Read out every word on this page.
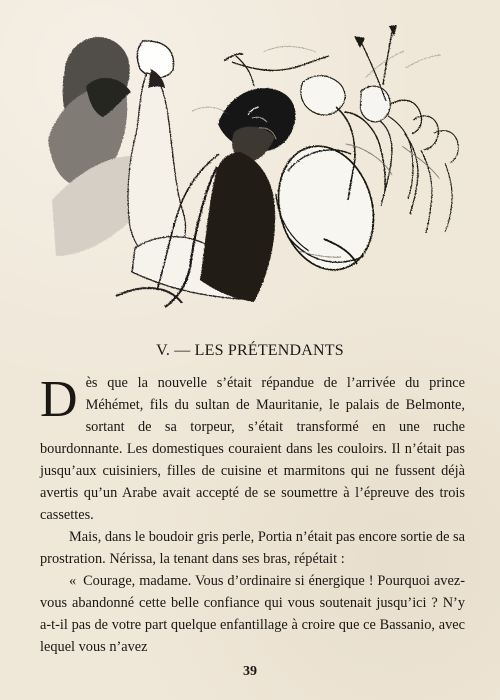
V. — LES PRÉTENDANTS

D ès que la nouvelle s’était répandue de l’arrivée du prince Méhémet, fils du sultan de Mauritanie, le palais de Belmonte, sortant de sa torpeur, s’était transformé en une ruche bourdonnante. Les domestiques couraient dans les couloirs. Il n’était pas jusqu’aux cuisiniers, filles de cuisine et marmitons qui ne fussent déjà avertis qu’un Arabe avait accepté de se soumettre à l’épreuve des trois cassettes.

Mais, dans le boudoir gris perle, Portia n’était pas encore sortie de sa prostration. Nérissa, la tenant dans ses bras, répétait :

« Courage, madame. Vous d’ordinaire si énergique ! Pourquoi avez-vous abandonné cette belle confiance qui vous soutenait jusqu’ici ? N’y a-t-il pas de votre part quelque enfantillage à croire que ce Bassanio, avec lequel vous n’avez

39
